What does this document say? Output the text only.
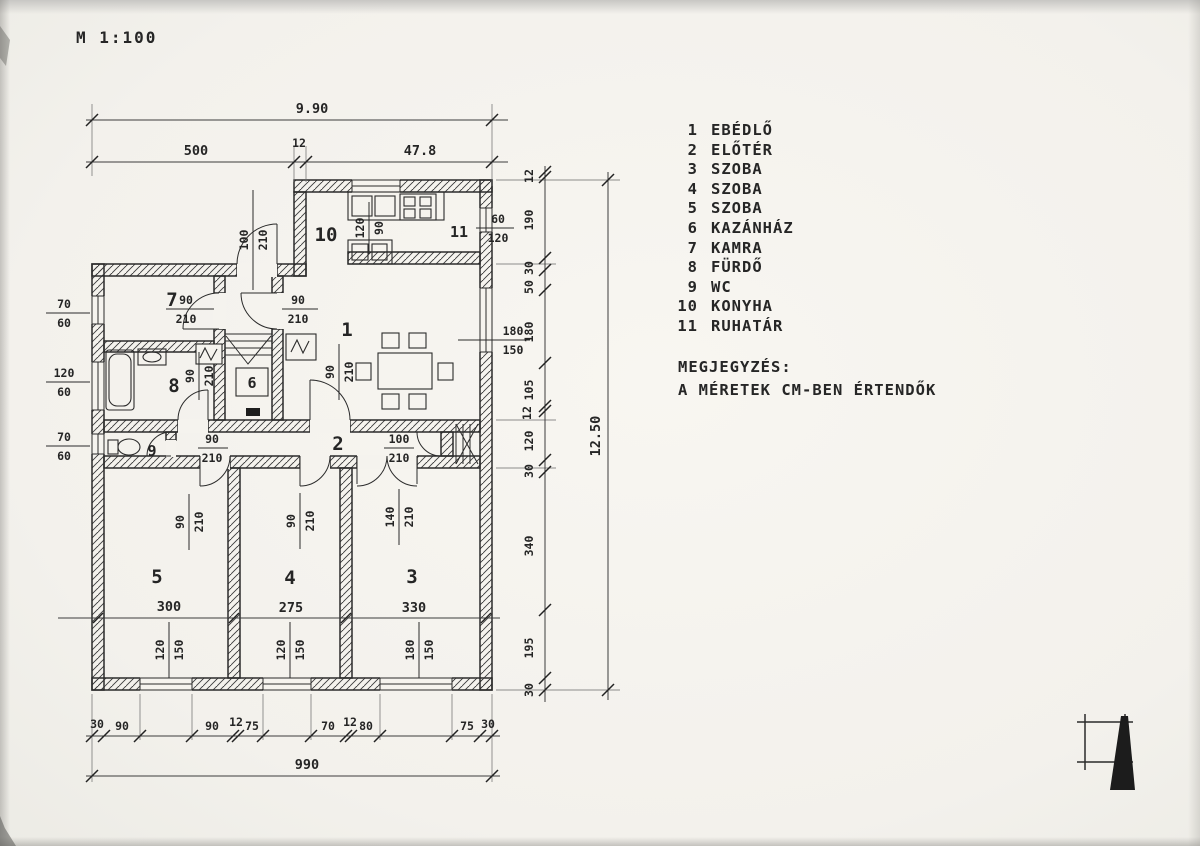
M 1:100
1 EBÉDLŐ
2 ELŐTÉR
3 SZOBA
4 SZOBA
5 SZOBA
6 KAZÁNHÁZ
7 KAMRA
8 FÜRDŐ
9 WC
10 KONYHA
11 RUHATÁR
MEGJEGYZÉS:
A MÉRETEK CM-BEN ÉRTENDŐK
1
2
3
4
5
6
7
8
9
10	11
300	275	330
9.90
500	12	47.8
12
190
30
50
180
105
12
120
30
340
195
30
12.50
30 90	90 12 75	70 12 80	75 30
990
70
60
120
60
70
60
100 210
90
210
90
210
90 210
90 210
90
210
100
210
90 210	90 210	140 210
120 150	120 150	180 150
120 90
60
120
180
150
